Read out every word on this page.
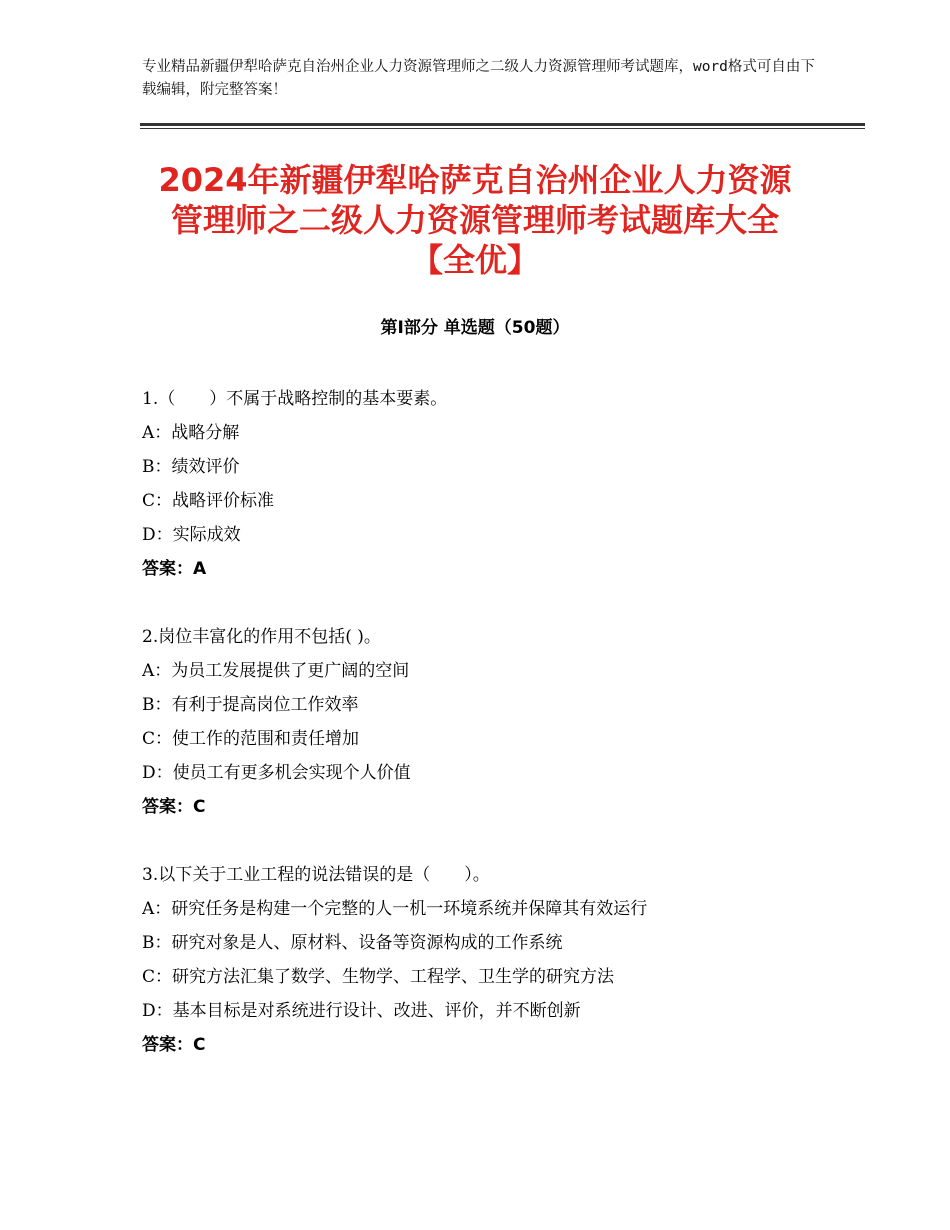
专业精品新疆伊犁哈萨克自治州企业人力资源管理师之二级人力资源管理师考试题库，word格式可自由下载编辑，附完整答案！
2024年新疆伊犁哈萨克自治州企业人力资源
管理师之二级人力资源管理师考试题库大全
【全优】
第Ⅰ部分 单选题（50题）
1.（　　）不属于战略控制的基本要素。
A：战略分解
B：绩效评价
C：战略评价标准
D：实际成效
答案：A
2.岗位丰富化的作用不包括( )。
A：为员工发展提供了更广阔的空间
B：有利于提高岗位工作效率
C：使工作的范围和责任增加
D：使员工有更多机会实现个人价值
答案：C
3.以下关于工业工程的说法错误的是（　　）。
A：研究任务是构建一个完整的人一机一环境系统并保障其有效运行
B：研究对象是人、原材料、设备等资源构成的工作系统
C：研究方法汇集了数学、生物学、工程学、卫生学的研究方法
D：基本目标是对系统进行设计、改进、评价，并不断创新
答案：C
